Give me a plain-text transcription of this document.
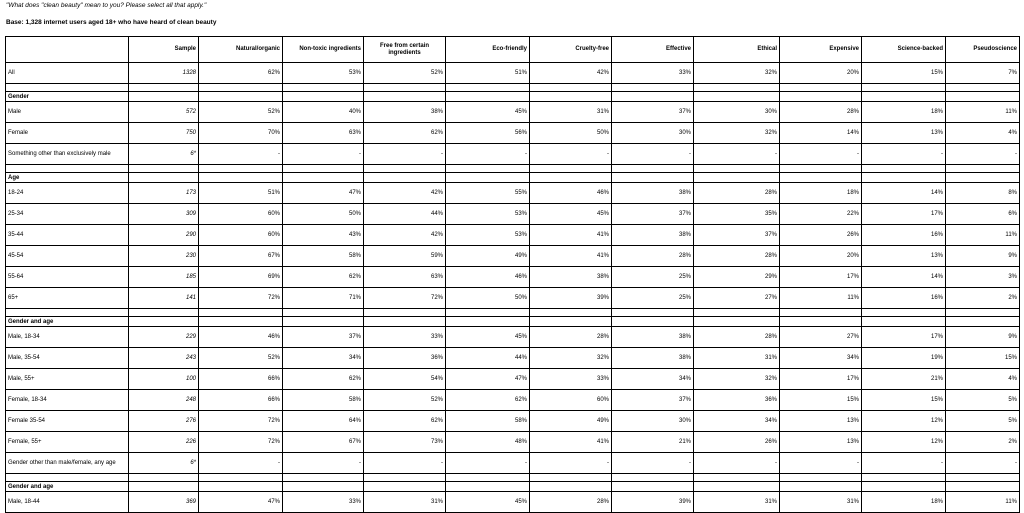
"What does "clean beauty" mean to you? Please select all that apply."
Base: 1,328 internet users aged 18+ who have heard of clean beauty
	Sample	Natural/organic	Non-toxic ingredients	Free from certain ingredients	Eco-friendly	Cruelty-free	Effective	Ethical	Expensive	Science-backed	Pseudoscience
All	1328	62%	53%	52%	51%	42%	33%	32%	20%	15%	7%

Gender											
Male	572	52%	40%	38%	45%	31%	37%	30%	28%	18%	11%
Female	750	70%	63%	62%	56%	50%	30%	32%	14%	13%	4%
Something other than exclusively male	6*	-	-	-	-	-	-	-	-	-	-

Age											
18-24	173	51%	47%	42%	55%	46%	38%	28%	18%	14%	8%
25-34	309	60%	50%	44%	53%	45%	37%	35%	22%	17%	6%
35-44	290	60%	43%	42%	53%	41%	38%	37%	26%	16%	11%
45-54	230	67%	58%	59%	49%	41%	28%	28%	20%	13%	9%
55-64	185	69%	62%	63%	46%	38%	25%	29%	17%	14%	3%
65+	141	72%	71%	72%	50%	39%	25%	27%	11%	16%	2%

Gender and age											
Male, 18-34	229	46%	37%	33%	45%	28%	38%	28%	27%	17%	9%
Male, 35-54	243	52%	34%	36%	44%	32%	38%	31%	34%	19%	15%
Male, 55+	100	66%	62%	54%	47%	33%	34%	32%	17%	21%	4%
Female, 18-34	248	66%	58%	52%	62%	60%	37%	36%	15%	15%	5%
Female 35-54	276	72%	64%	62%	58%	49%	30%	34%	13%	12%	5%
Female, 55+	226	72%	67%	73%	48%	41%	21%	26%	13%	12%	2%
Gender other than male/female, any age	6*	-	-	-	-	-	-	-	-	-	-

Gender and age											
Male, 18-44	369	47%	33%	31%	45%	28%	39%	31%	31%	18%	11%
